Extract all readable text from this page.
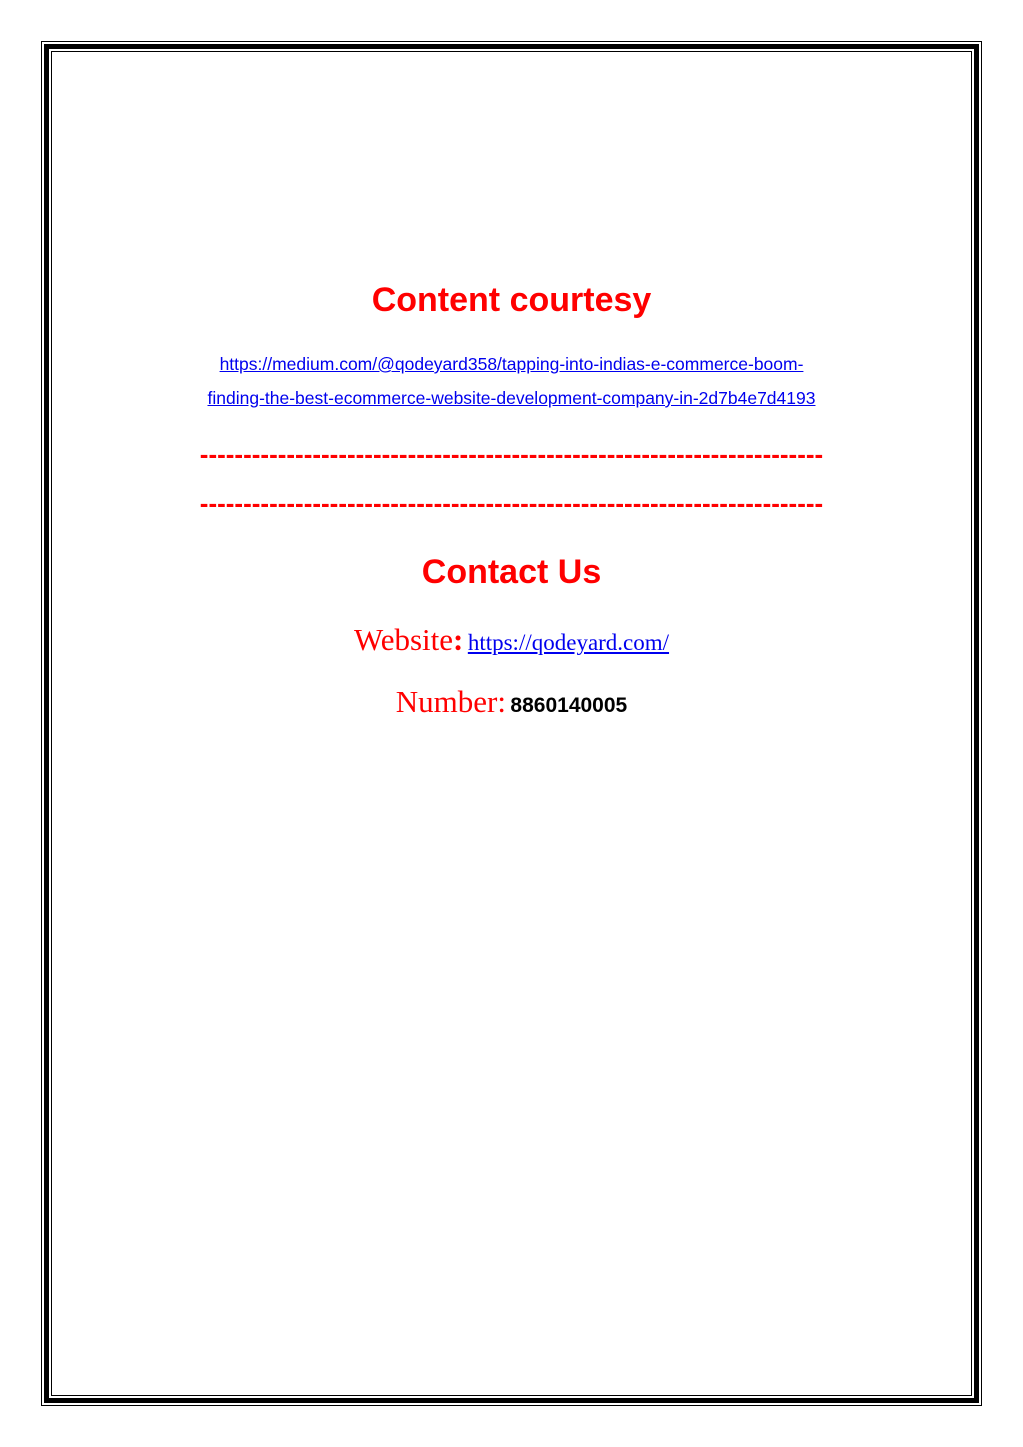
Content courtesy
https://medium.com/@qodeyard358/tapping-into-indias-e-commerce-boom-
finding-the-best-ecommerce-website-development-company-in-2d7b4e7d4193
------------------------------------------------------------------------
------------------------------------------------------------------------
Contact Us
Website: https://qodeyard.com/
Number: 8860140005
